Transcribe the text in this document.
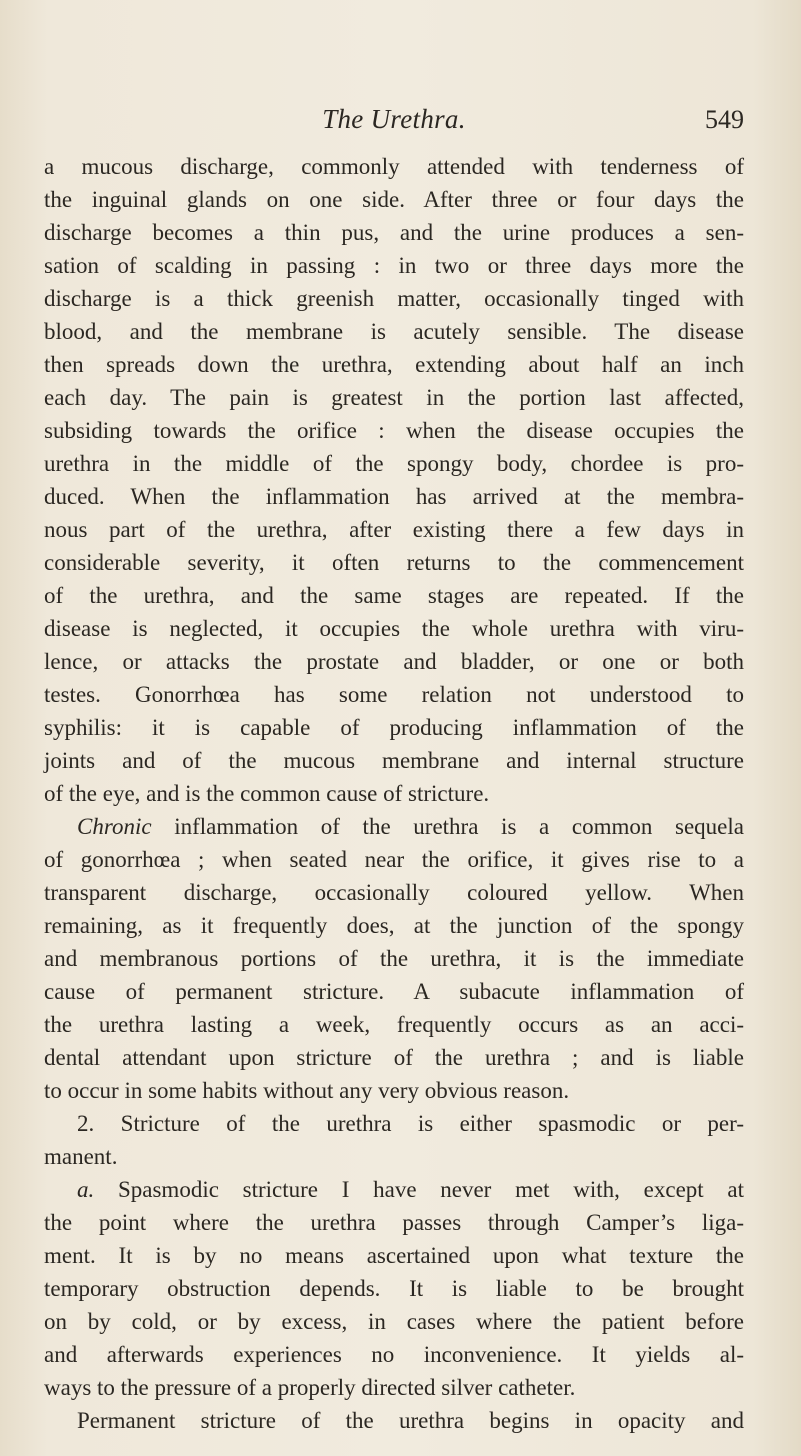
The Urethra.	549
a mucous discharge, commonly attended with tenderness of
the inguinal glands on one side. After three or four days the
discharge becomes a thin pus, and the urine produces a sen-
sation of scalding in passing : in two or three days more the
discharge is a thick greenish matter, occasionally tinged with
blood, and the membrane is acutely sensible. The disease
then spreads down the urethra, extending about half an inch
each day. The pain is greatest in the portion last affected,
subsiding towards the orifice : when the disease occupies the
urethra in the middle of the spongy body, chordee is pro-
duced. When the inflammation has arrived at the membra-
nous part of the urethra, after existing there a few days in
considerable severity, it often returns to the commencement
of the urethra, and the same stages are repeated. If the
disease is neglected, it occupies the whole urethra with viru-
lence, or attacks the prostate and bladder, or one or both
testes. Gonorrhœa has some relation not understood to
syphilis: it is capable of producing inflammation of the
joints and of the mucous membrane and internal structure
of the eye, and is the common cause of stricture.
Chronic inflammation of the urethra is a common sequela
of gonorrhœa ; when seated near the orifice, it gives rise to a
transparent discharge, occasionally coloured yellow. When
remaining, as it frequently does, at the junction of the spongy
and membranous portions of the urethra, it is the immediate
cause of permanent stricture. A subacute inflammation of
the urethra lasting a week, frequently occurs as an acci-
dental attendant upon stricture of the urethra ; and is liable
to occur in some habits without any very obvious reason.
2. Stricture of the urethra is either spasmodic or per-
manent.
a. Spasmodic stricture I have never met with, except at
the point where the urethra passes through Camper’s liga-
ment. It is by no means ascertained upon what texture the
temporary obstruction depends. It is liable to be brought
on by cold, or by excess, in cases where the patient before
and afterwards experiences no inconvenience. It yields al-
ways to the pressure of a properly directed silver catheter.
Permanent stricture of the urethra begins in opacity and
